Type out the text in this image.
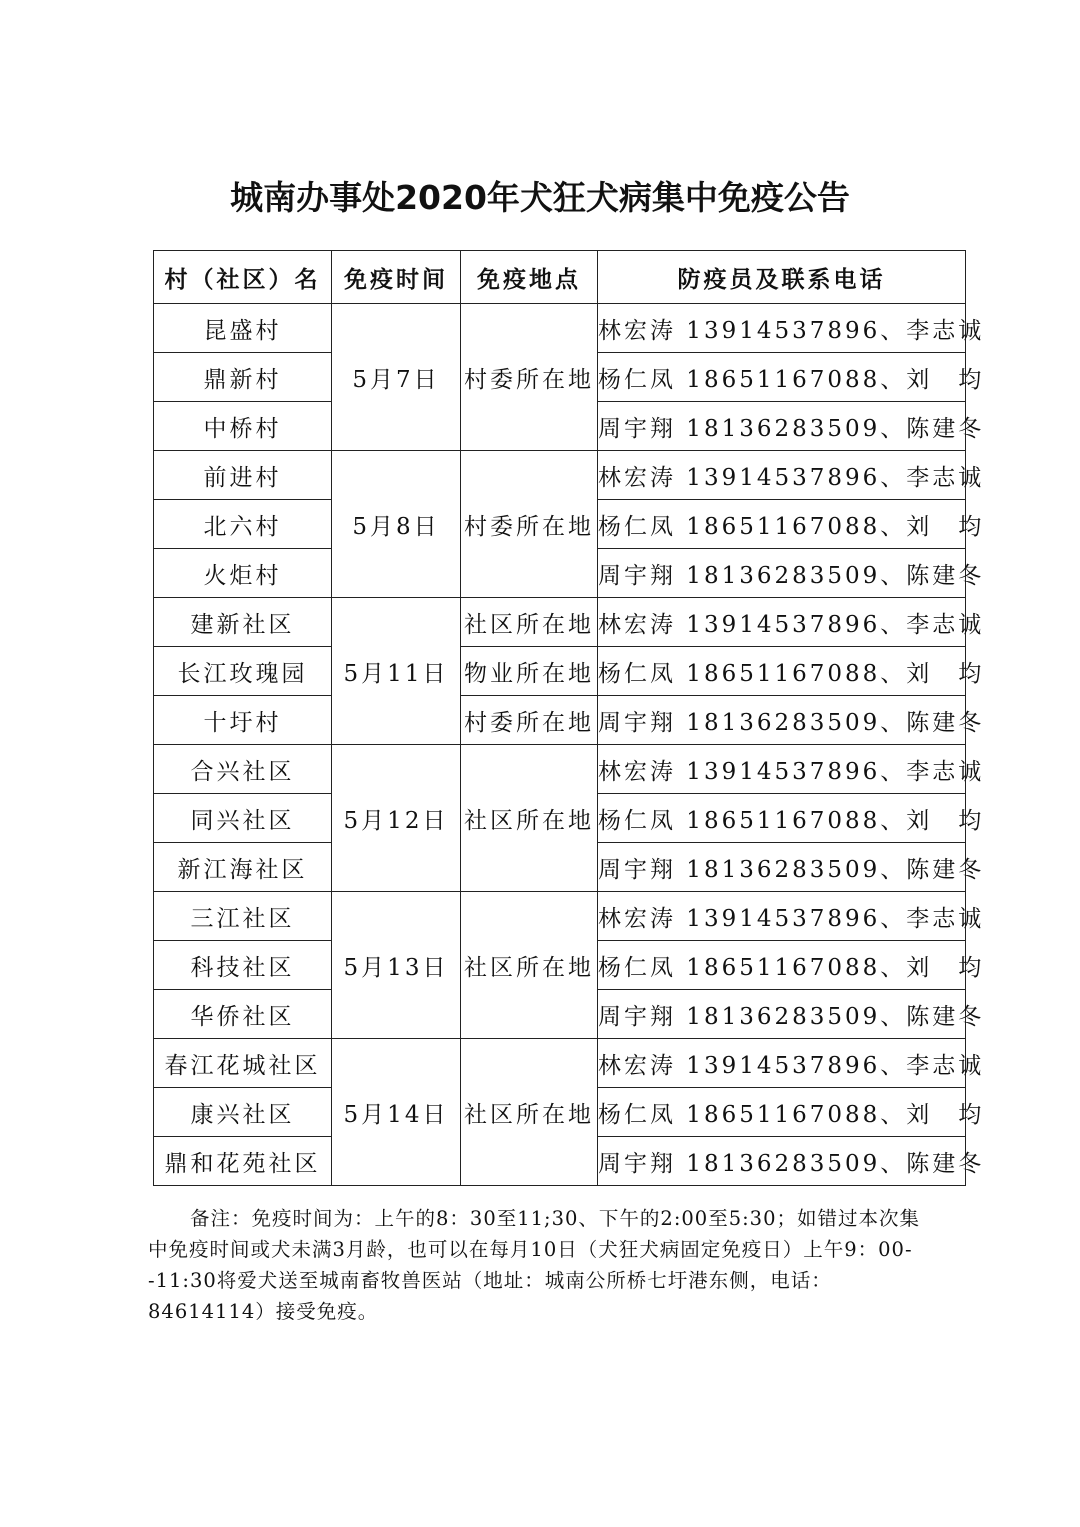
城南办事处2020年犬狂犬病集中免疫公告
村（社区）名	免疫时间	免疫地点	防疫员及联系电话
昆盛村	5月7日	村委所在地	林宏涛 13914537896、李志诚
鼎新村			杨仁凤 18651167088、刘　均
中桥村			周宇翔 18136283509、陈建冬
前进村	5月8日	村委所在地	林宏涛 13914537896、李志诚
北六村			杨仁凤 18651167088、刘　均
火炬村			周宇翔 18136283509、陈建冬
建新社区	5月11日	社区所在地	林宏涛 13914537896、李志诚
长江玫瑰园		物业所在地	杨仁凤 18651167088、刘　均
十圩村		村委所在地	周宇翔 18136283509、陈建冬
合兴社区	5月12日	社区所在地	林宏涛 13914537896、李志诚
同兴社区			杨仁凤 18651167088、刘　均
新江海社区			周宇翔 18136283509、陈建冬
三江社区	5月13日	社区所在地	林宏涛 13914537896、李志诚
科技社区			杨仁凤 18651167088、刘　均
华侨社区			周宇翔 18136283509、陈建冬
春江花城社区	5月14日	社区所在地	林宏涛 13914537896、李志诚
康兴社区			杨仁凤 18651167088、刘　均
鼎和花苑社区			周宇翔 18136283509、陈建冬
备注：免疫时间为：上午的8：30至11;30、下午的2:00至5:30；如错过本次集中免疫时间或犬未满3月龄，也可以在每月10日（犬狂犬病固定免疫日）上午9：00--11:30将爱犬送至城南畜牧兽医站（地址：城南公所桥七圩港东侧，电话：84614114）接受免疫。
